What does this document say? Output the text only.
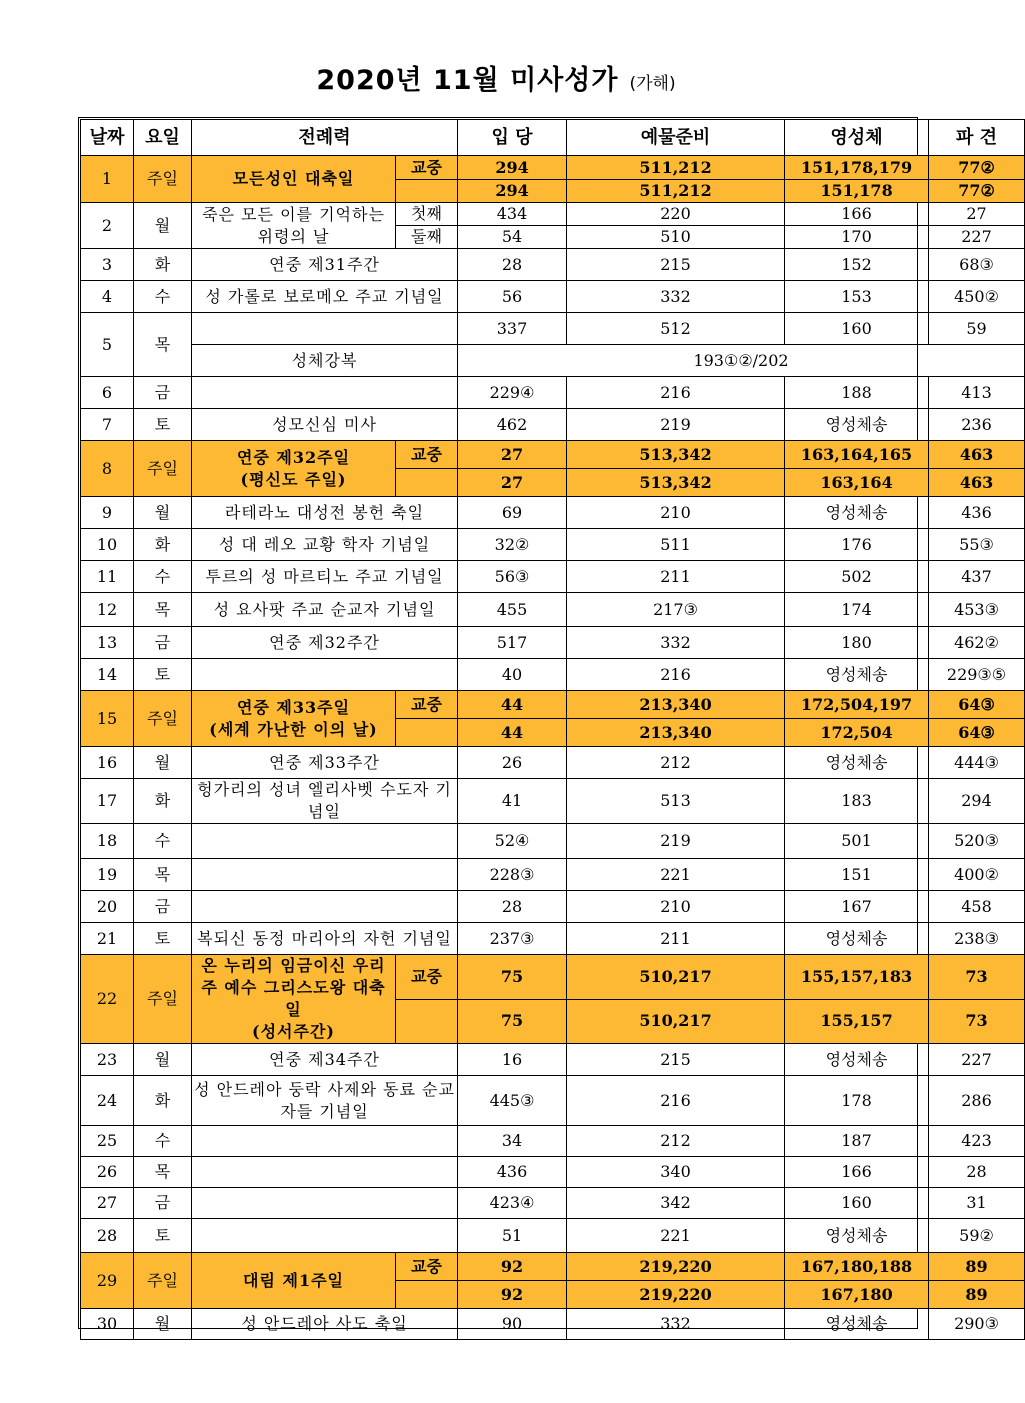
2020년 11월 미사성가 (가해)
날짜	요일	전례력		입 당	예물준비	영성체	파 견
1	주일	모든성인 대축일	교중	294	511,212	151,178,179	77②
				294	511,212	151,178	77②
2	월	죽은 모든 이를 기억하는 위령의 날	첫째	434	220	166	27
			둘째	54	510	170	227
3	화	연중 제31주간		28	215	152	68③
4	수	성 가롤로 보로메오 주교 기념일		56	332	153	450②
5	목			337	512	160	59
		성체강복		193①②/202			
6	금			229④	216	188	413
7	토	성모신심 미사		462	219	영성체송	236
8	주일	연중 제32주일
(평신도 주일)	교중	27	513,342	163,164,165	463
				27	513,342	163,164	463
9	월	라테라노 대성전 봉헌 축일		69	210	영성체송	436
10	화	성 대 레오 교황 학자 기념일		32②	511	176	55③
11	수	투르의 성 마르티노 주교 기념일		56③	211	502	437
12	목	성 요사팟 주교 순교자 기념일		455	217③	174	453③
13	금	연중 제32주간		517	332	180	462②
14	토			40	216	영성체송	229③⑤
15	주일	연중 제33주일
(세계 가난한 이의 날)	교중	44	213,340	172,504,197	64③
				44	213,340	172,504	64③
16	월	연중 제33주간		26	212	영성체송	444③
17	화	헝가리의 성녀 엘리사벳 수도자 기념일		41	513	183	294
18	수			52④	219	501	520③
19	목			228③	221	151	400②
20	금			28	210	167	458
21	토	복되신 동정 마리아의 자헌 기념일		237③	211	영성체송	238③
22	주일	온 누리의 임금이신 우리 주 예수 그리스도왕 대축일
(성서주간)	교중	75	510,217	155,157,183	73
				75	510,217	155,157	73
23	월	연중 제34주간		16	215	영성체송	227
24	화	성 안드레아 둥락 사제와 동료 순교자들 기념일		445③	216	178	286
25	수			34	212	187	423
26	목			436	340	166	28
27	금			423④	342	160	31
28	토			51	221	영성체송	59②
29	주일	대림 제1주일	교중	92	219,220	167,180,188	89
				92	219,220	167,180	89
30	월	성 안드레아 사도 축일		90	332	영성체송	290③
